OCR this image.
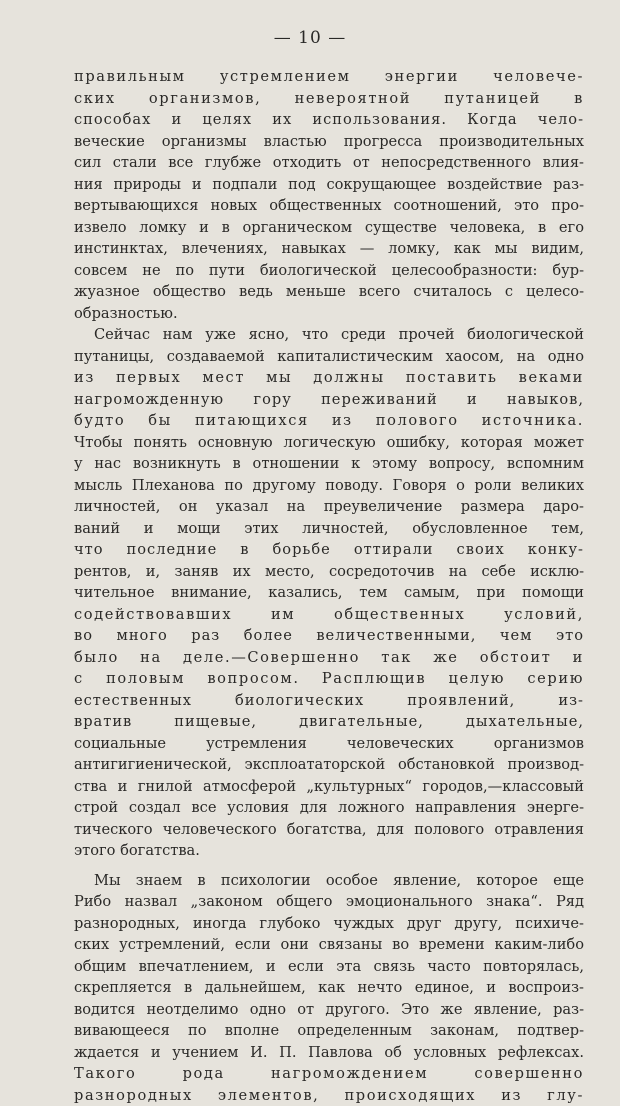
— 10 —
правильным устремлением энергии человече-
ских организмов, невероятной путаницей в
способах и целях их использования. Когда чело-
веческие организмы властью прогресса производительных
сил стали все глубже отходить от непосредственного влия-
ния природы и подпали под сокрущающее воздействие раз-
вертывающихся новых общественных соотношений, это про-
извело ломку и в органическом существе человека, в его
инстинктах, влечениях, навыках — ломку, как мы видим,
совсем не по пути биологической целесообразности: бур-
жуазное общество ведь меньше всего считалось с целесо-
образностью.
Сейчас нам уже ясно, что среди прочей биологической
путаницы, создаваемой капиталистическим хаосом, на одно
из первых мест мы должны поставить веками
нагроможденную гору переживаний и навыков,
будто бы питающихся из полового источника.
Чтобы понять основную логическую ошибку, которая может
у нас возникнуть в отношении к этому вопросу, вспомним
мысль Плеханова по другому поводу. Говоря о роли великих
личностей, он указал на преувеличение размера даро-
ваний и мощи этих личностей, обусловленное тем,
что последние в борьбе оттирали своих конку-
рентов, и, заняв их место, сосредоточив на себе исклю-
чительное внимание, казались, тем самым, при помощи
содействовавших им общественных условий,
во много раз более величественными, чем это
было на деле.—Совершенно так же обстоит и
с половым вопросом. Расплющив целую серию
естественных биологических проявлений, из-
вратив пищевые, двигательные, дыхательные,
социальные устремления человеческих организмов
антигигиенической, эксплоататорской обстановкой производ-
ства и гнилой атмосферой „культурных“ городов,—классовый
строй создал все условия для ложного направления энерге-
тического человеческого богатства, для полового отравления
этого богатства.
Мы знаем в психологии особое явление, которое еще
Рибо назвал „законом общего эмоционального знака“. Ряд
разнородных, иногда глубоко чуждых друг другу, психиче-
ских устремлений, если они связаны во времени каким-либо
общим впечатлением, и если эта связь часто повторялась,
скрепляется в дальнейшем, как нечто единое, и воспроиз-
водится неотделимо одно от другого. Это же явление, раз-
вивающееся по вполне определенным законам, подтвер-
ждается и учением И. П. Павлова об условных рефлексах.
Такого рода нагромождением совершенно
разнородных элементов, происходящих из глу-
